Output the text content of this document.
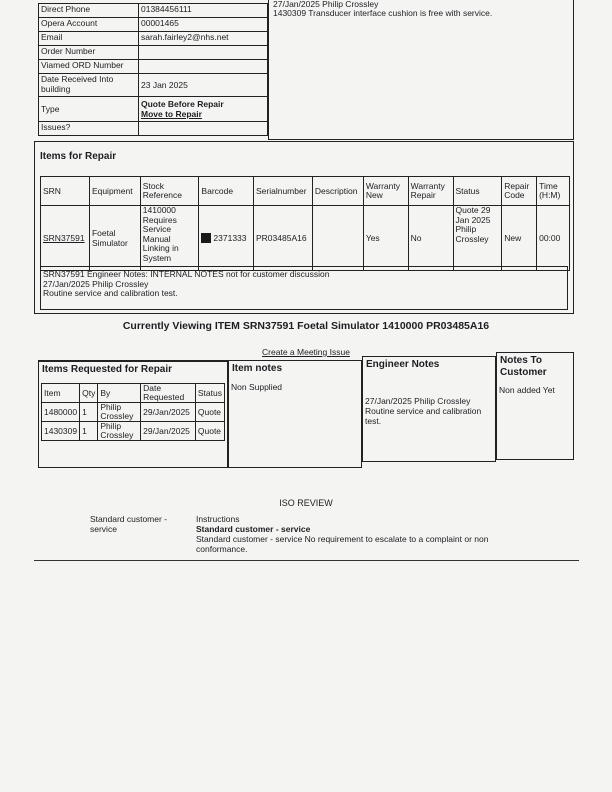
Direct Phone	01384456111
Opera Account	00001465
Email	sarah.fairley2@nhs.net
Order Number	
Viamed ORD Number	
Date Received Into building	23 Jan 2025
Type	Quote Before Repair
Move to Repair

Issues?	
27/Jan/2025 Philip Crossley
1430309 Transducer interface cushion is free with service.
Items for Repair
.
SRN	Equipment	Stock Reference	Barcode	Serialnumber	Description	Warranty New	Warranty Repair	Status	Repair Code	Time (H:M)
SRN37591	Foetal Simulator	1410000 Requires Service Manual Linking in System	2371333	PR03485A16		Yes	No	Quote 29 Jan 2025 Philip Crossley	New	00:00
SRN37591 Engineer Notes: INTERNAL NOTES not for customer discussion
27/Jan/2025 Philip Crossley
Routine service and calibration test.
Currently Viewing ITEM SRN37591 Foetal Simulator 1410000 PR03485A16
Create a Meeting Issue
Items Requested for Repair
Item	Qty	By	Date Requested	Status
1480000	1	Philip Crossley	29/Jan/2025	Quote
1430309	1	Philip Crossley	29/Jan/2025	Quote
Item notes
Non Supplied
Engineer Notes
27/Jan/2025 Philip Crossley
Routine service and calibration test.
Notes To Customer
Non added Yet
ISO REVIEW
Standard customer - service
Instructions
Standard customer - service
Standard customer - service No requirement to escalate to a complaint or non conformance.
